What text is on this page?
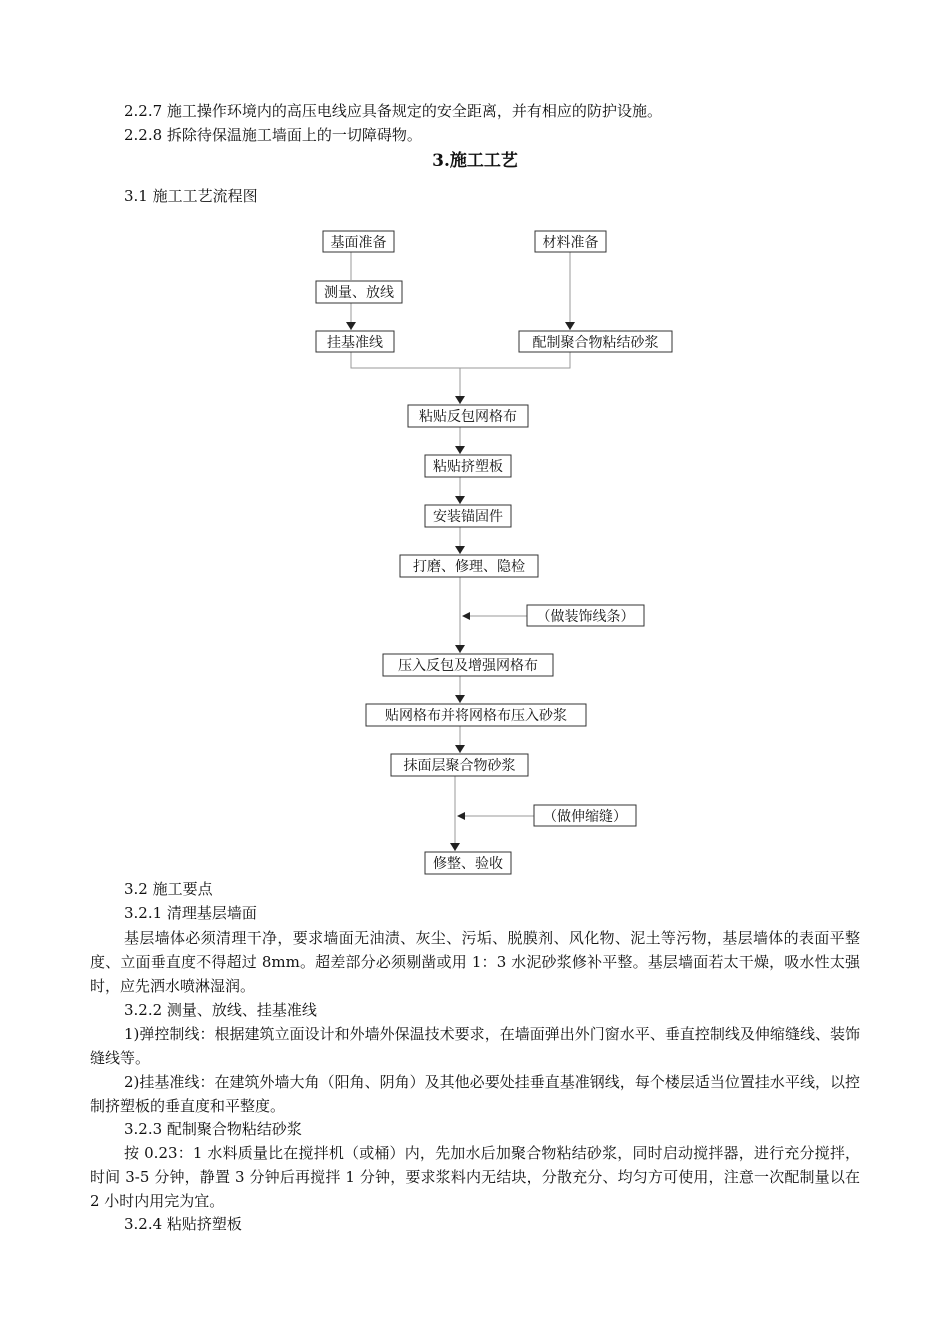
2.2.7 施工操作环境内的高压电线应具备规定的安全距离，并有相应的防护设施。

2.2.8 拆除待保温施工墙面上的一切障碍物。

3.施工工艺

3.1 施工工艺流程图

基面准备	材料准备
测量、放线
挂基准线	配制聚合物粘结砂浆
粘贴反包网格布
粘贴挤塑板
安装锚固件
打磨、修理、隐检
（做装饰线条）
压入反包及增强网格布
贴网格布并将网格布压入砂浆
抹面层聚合物砂浆
（做伸缩缝）
修整、验收

3.2 施工要点

3.2.1 清理基层墙面

基层墙体必须清理干净，要求墙面无油渍、灰尘、污垢、脱膜剂、风化物、泥土等污物，基层墙体的表面平整度、立面垂直度不得超过 8mm。超差部分必须剔凿或用 1：3 水泥砂浆修补平整。基层墙面若太干燥，吸水性太强时，应先洒水喷淋湿润。

3.2.2 测量、放线、挂基准线

1)弹控制线：根据建筑立面设计和外墙外保温技术要求，在墙面弹出外门窗水平、垂直控制线及伸缩缝线、装饰缝线等。

2)挂基准线：在建筑外墙大角（阳角、阴角）及其他必要处挂垂直基准钢线，每个楼层适当位置挂水平线，以控制挤塑板的垂直度和平整度。

3.2.3 配制聚合物粘结砂浆

按 0.23：1 水料质量比在搅拌机（或桶）内，先加水后加聚合物粘结砂浆，同时启动搅拌器，进行充分搅拌，时间 3-5 分钟，静置 3 分钟后再搅拌 1 分钟，要求浆料内无结块，分散充分、均匀方可使用，注意一次配制量以在 2 小时内用完为宜。

3.2.4 粘贴挤塑板
